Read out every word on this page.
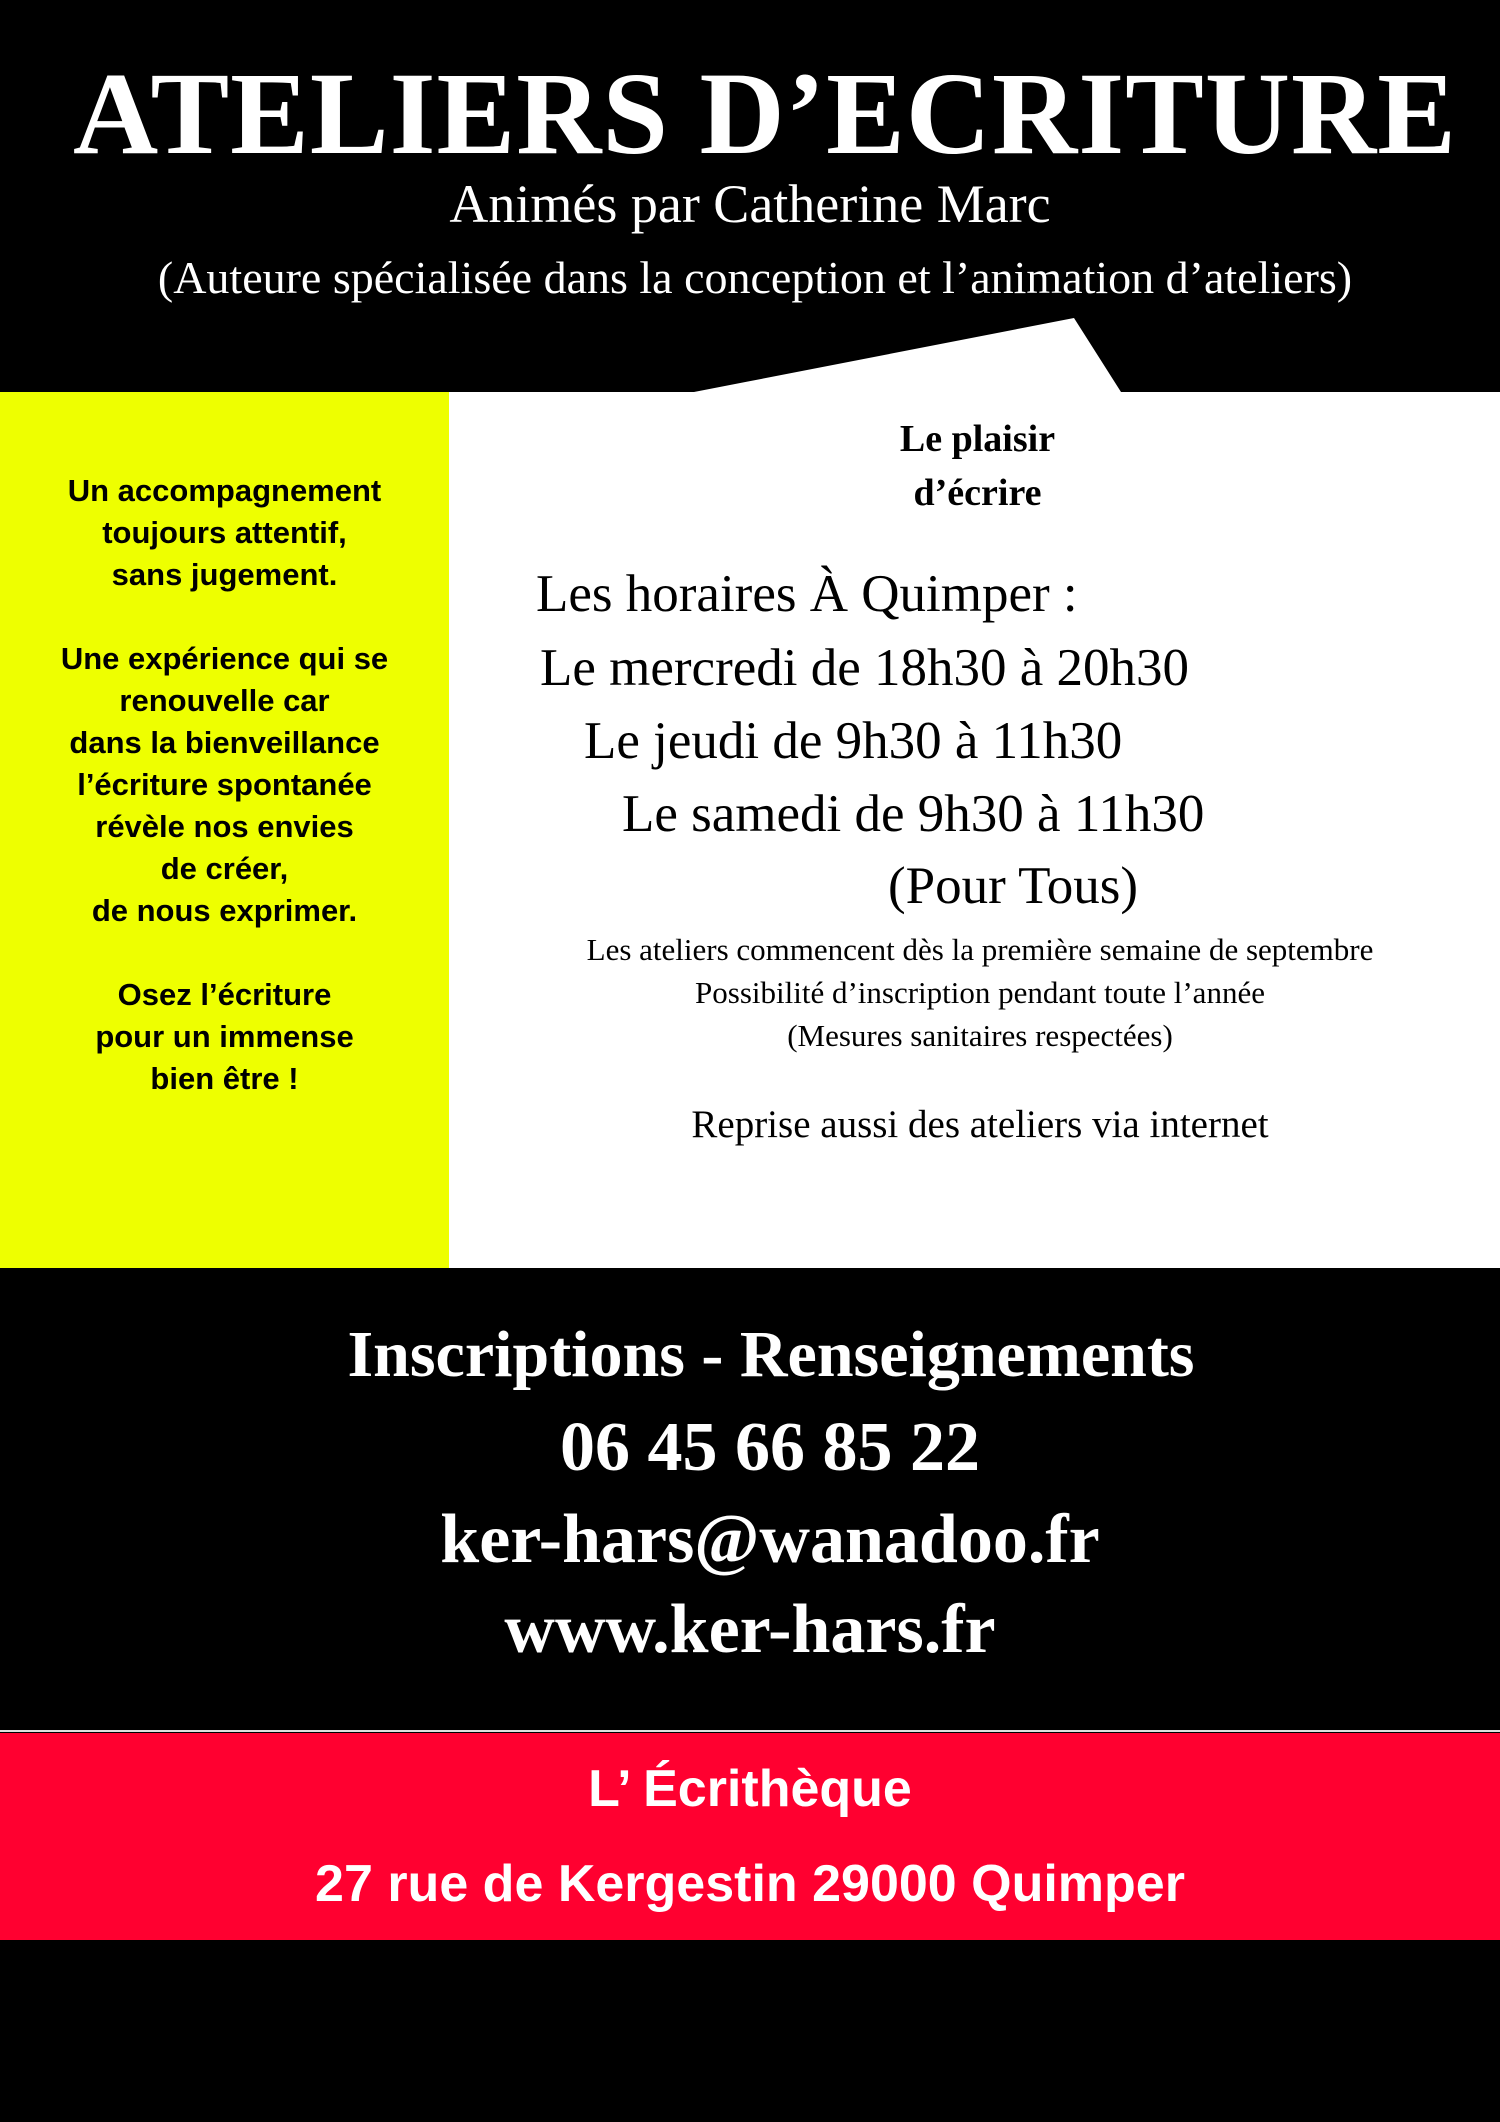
ATELIERS D’ECRITURE
Animés par Catherine Marc
(Auteure spécialisée dans la conception et l’animation d’ateliers)
Un accompagnement
toujours attentif,
sans jugement.
Une expérience qui se
renouvelle car
dans la bienveillance
l’écriture spontanée
révèle nos envies
de créer,
de nous exprimer.
Osez l’écriture
pour un immense
bien être !
Le plaisir
d’écrire
Les horaires À Quimper :
Le mercredi de 18h30 à 20h30
Le jeudi de 9h30 à 11h30
Le samedi de 9h30 à 11h30
(Pour Tous)
Les ateliers commencent dès la première semaine de septembre
Possibilité d’inscription pendant toute l’année
(Mesures sanitaires respectées)
Reprise aussi des ateliers via internet
Inscriptions - Renseignements
06 45 66 85 22
ker-hars@wanadoo.fr
www.ker-hars.fr
L’ Écrithèque
27 rue de Kergestin 29000 Quimper
